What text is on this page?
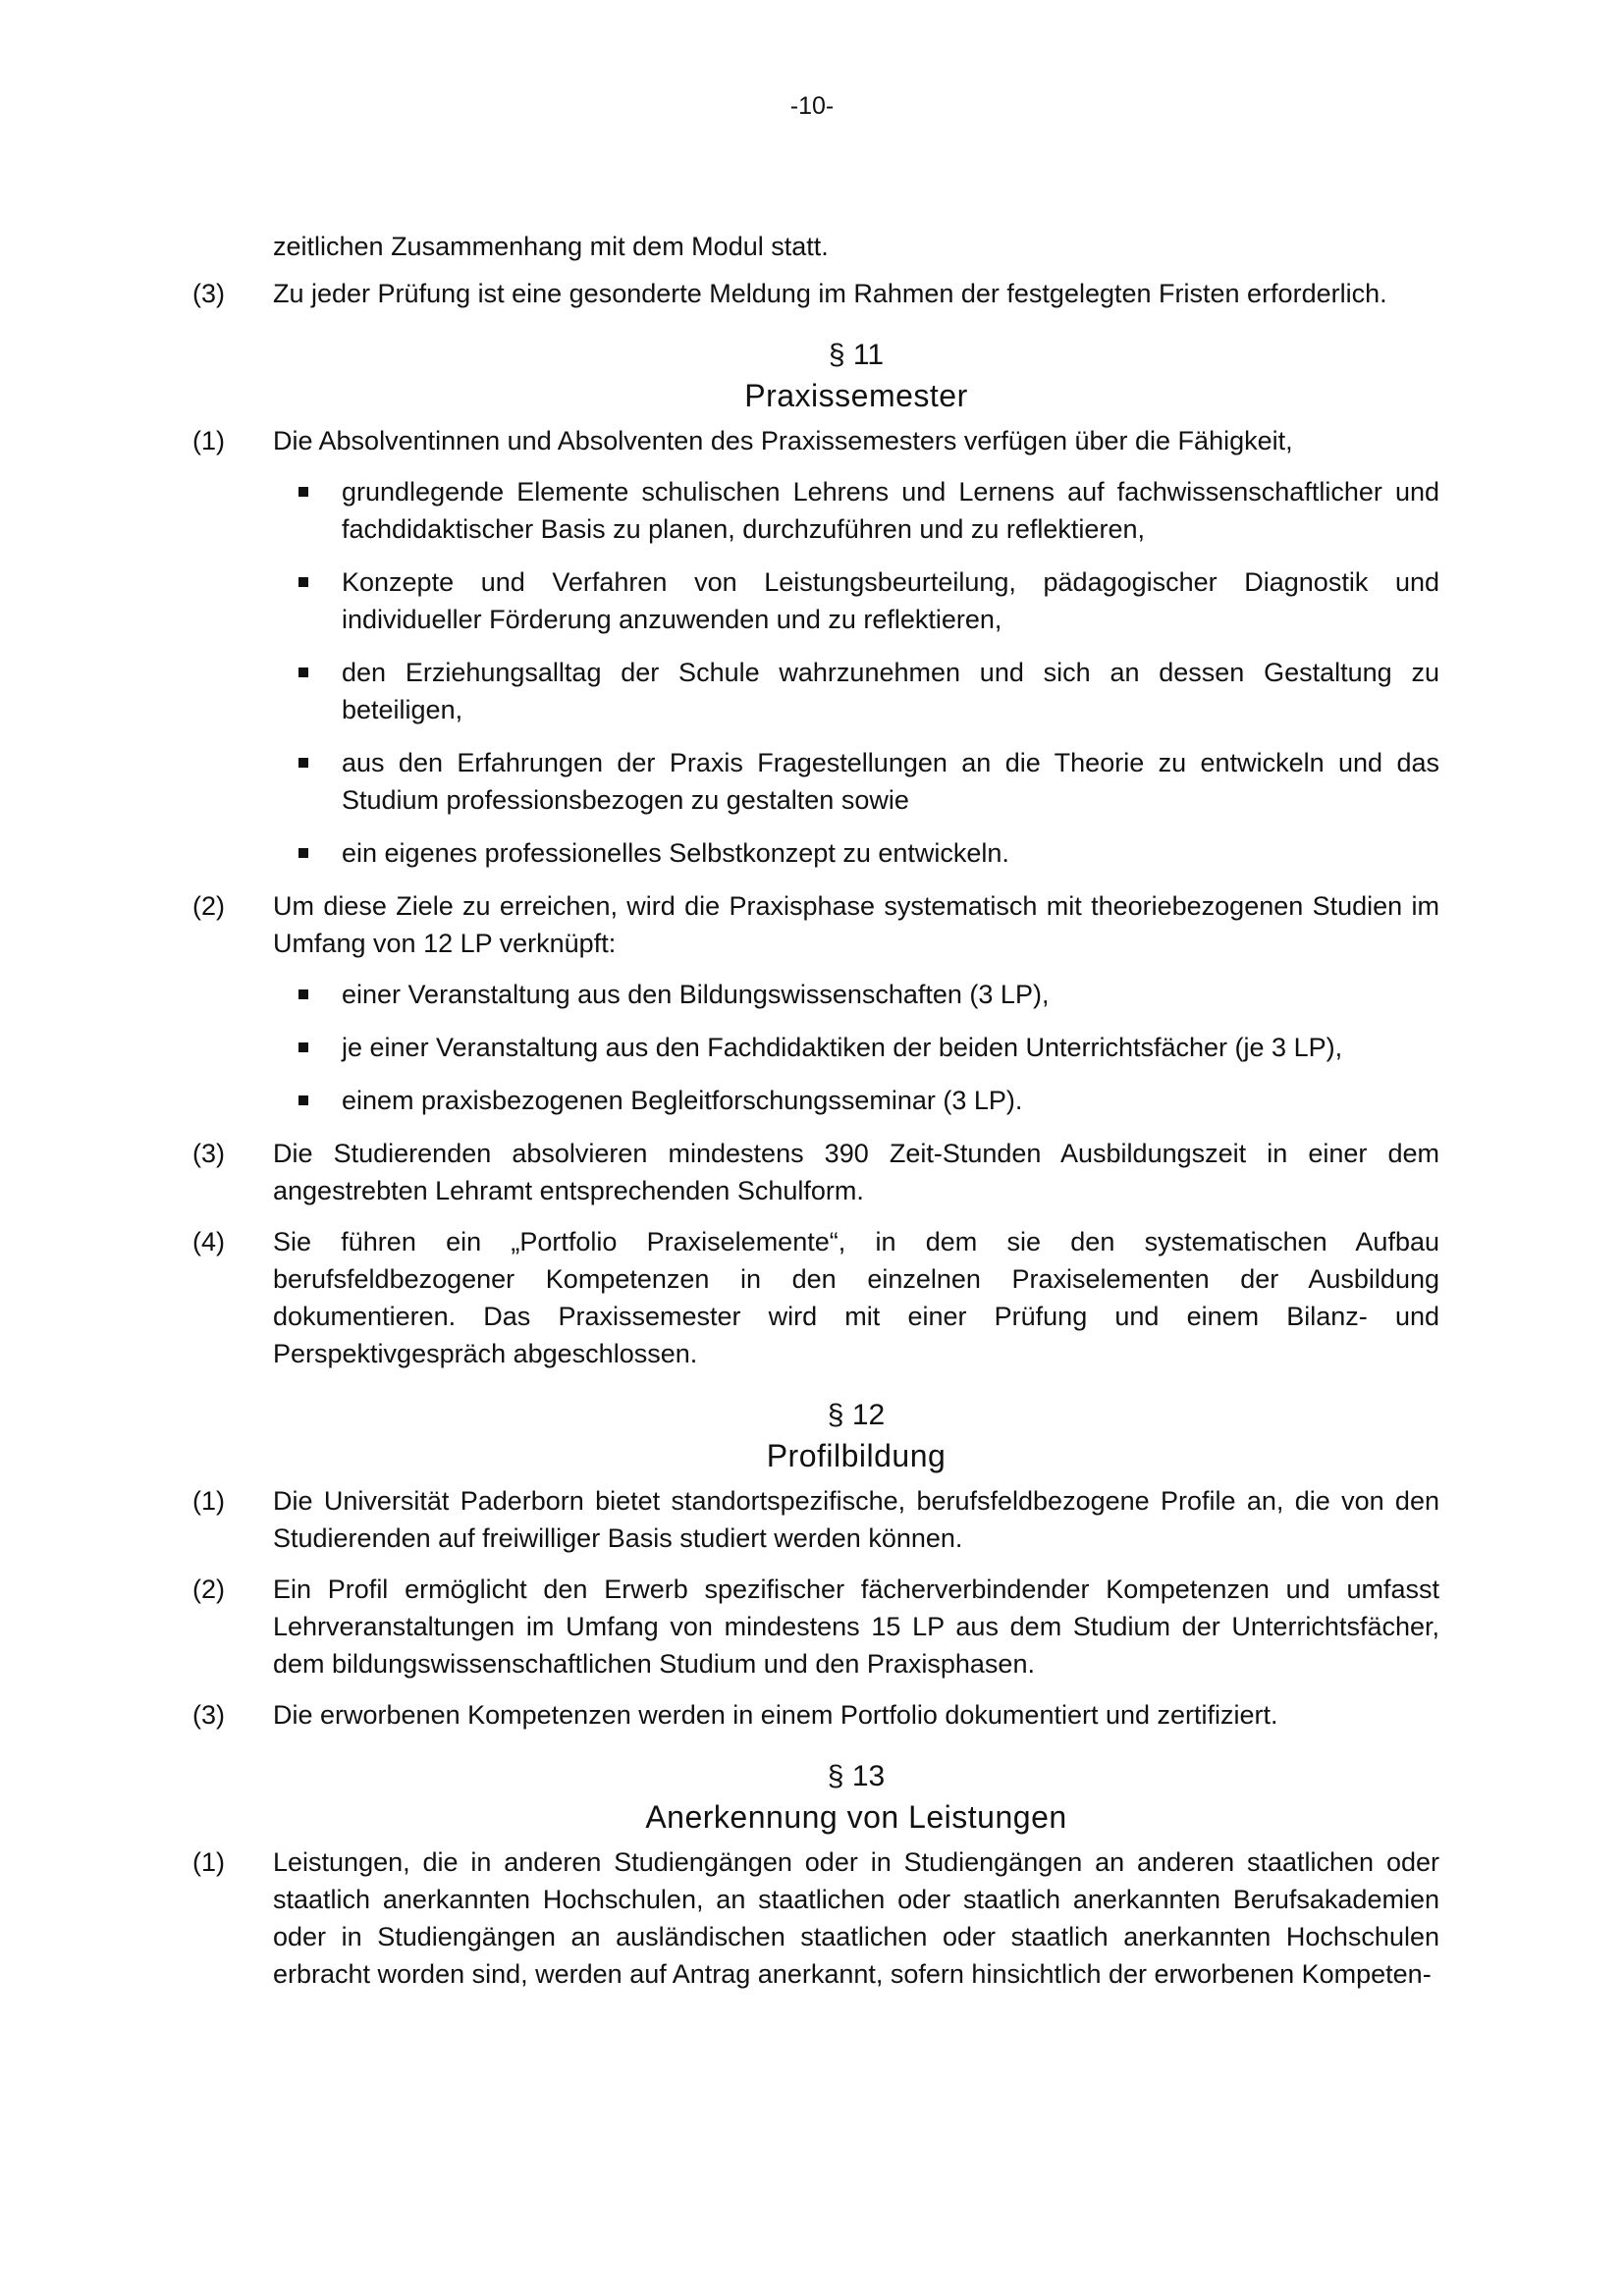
-10-
zeitlichen Zusammenhang mit dem Modul statt.
(3) Zu jeder Prüfung ist eine gesonderte Meldung im Rahmen der festgelegten Fristen erforderlich.
§ 11
Praxissemester
(1) Die Absolventinnen und Absolventen des Praxissemesters verfügen über die Fähigkeit,
grundlegende Elemente schulischen Lehrens und Lernens auf fachwissenschaftlicher und fachdidaktischer Basis zu planen, durchzuführen und zu reflektieren,
Konzepte und Verfahren von Leistungsbeurteilung, pädagogischer Diagnostik und individueller Förderung anzuwenden und zu reflektieren,
den Erziehungsalltag der Schule wahrzunehmen und sich an dessen Gestaltung zu beteiligen,
aus den Erfahrungen der Praxis Fragestellungen an die Theorie zu entwickeln und das Studium professionsbezogen zu gestalten sowie
ein eigenes professionelles Selbstkonzept zu entwickeln.
(2) Um diese Ziele zu erreichen, wird die Praxisphase systematisch mit theoriebezogenen Studien im Umfang von 12 LP verknüpft:
einer Veranstaltung aus den Bildungswissenschaften (3 LP),
je einer Veranstaltung aus den Fachdidaktiken der beiden Unterrichtsfächer (je 3 LP),
einem praxisbezogenen Begleitforschungsseminar (3 LP).
(3) Die Studierenden absolvieren mindestens 390 Zeit-Stunden Ausbildungszeit in einer dem angestrebten Lehramt entsprechenden Schulform.
(4) Sie führen ein „Portfolio Praxiselemente“, in dem sie den systematischen Aufbau berufsfeldbezogener Kompetenzen in den einzelnen Praxiselementen der Ausbildung dokumentieren. Das Praxissemester wird mit einer Prüfung und einem Bilanz- und Perspektivgespräch abgeschlossen.
§ 12
Profilbildung
(1) Die Universität Paderborn bietet standortspezifische, berufsfeldbezogene Profile an, die von den Studierenden auf freiwilliger Basis studiert werden können.
(2) Ein Profil ermöglicht den Erwerb spezifischer fächerverbindender Kompetenzen und umfasst Lehrveranstaltungen im Umfang von mindestens 15 LP aus dem Studium der Unterrichtsfächer, dem bildungswissenschaftlichen Studium und den Praxisphasen.
(3) Die erworbenen Kompetenzen werden in einem Portfolio dokumentiert und zertifiziert.
§ 13
Anerkennung von Leistungen
(1) Leistungen, die in anderen Studiengängen oder in Studiengängen an anderen staatlichen oder staatlich anerkannten Hochschulen, an staatlichen oder staatlich anerkannten Berufsakademien oder in Studiengängen an ausländischen staatlichen oder staatlich anerkannten Hochschulen erbracht worden sind, werden auf Antrag anerkannt, sofern hinsichtlich der erworbenen Kompeten-
